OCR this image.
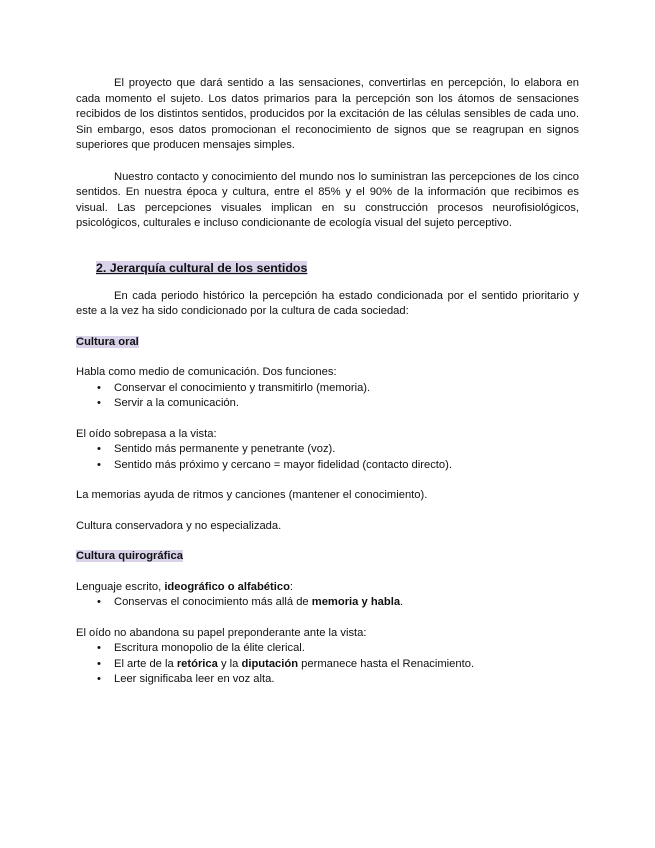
El proyecto que dará sentido a las sensaciones, convertirlas en percepción, lo elabora en cada momento el sujeto. Los datos primarios para la percepción son los átomos de sensaciones recibidos de los distintos sentidos, producidos por la excitación de las células sensibles de cada uno. Sin embargo, esos datos promocionan el reconocimiento de signos que se reagrupan en signos superiores que producen mensajes simples.

Nuestro contacto y conocimiento del mundo nos lo suministran las percepciones de los cinco sentidos. En nuestra época y cultura, entre el 85% y el 90% de la información que recibimos es visual. Las percepciones visuales implican en su construcción procesos neurofisiológicos, psicológicos, culturales e incluso condicionante de ecología visual del sujeto perceptivo.

2. Jerarquía cultural de los sentidos

En cada periodo histórico la percepción ha estado condicionada por el sentido prioritario y este a la vez ha sido condicionado por la cultura de cada sociedad:

Cultura oral

Habla como medio de comunicación. Dos funciones:

• Conservar el conocimiento y transmitirlo (memoria).
• Servir a la comunicación.

El oído sobrepasa a la vista:

• Sentido más permanente y penetrante (voz).
• Sentido más próximo y cercano = mayor fidelidad (contacto directo).

La memorias ayuda de ritmos y canciones (mantener el conocimiento).

Cultura conservadora y no especializada.

Cultura quirográfica

Lenguaje escrito, ideográfico o alfabético:

• Conservas el conocimiento más allá de memoria y habla.

El oído no abandona su papel preponderante ante la vista:

• Escritura monopolio de la élite clerical.
• El arte de la retórica y la diputación permanece hasta el Renacimiento.
• Leer significaba leer en voz alta.
